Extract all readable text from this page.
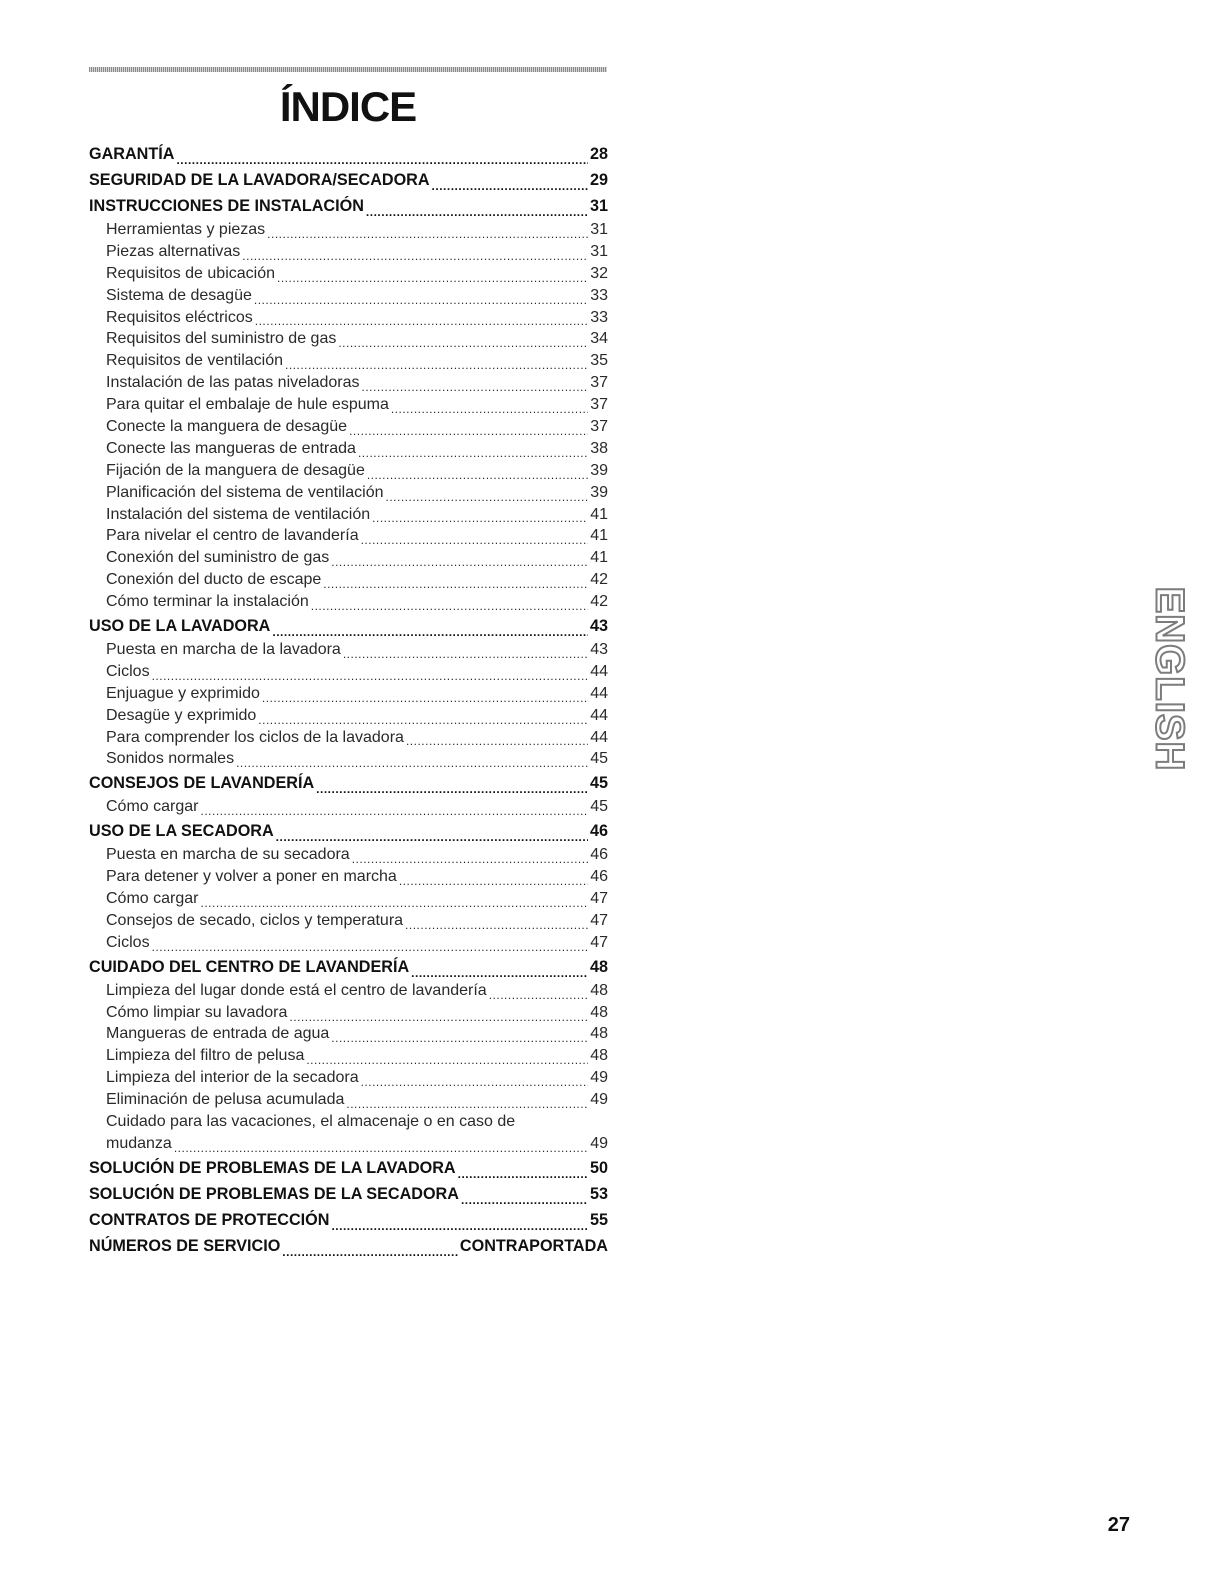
ÍNDICE
GARANTÍA .....	28
SEGURIDAD DE LA LAVADORA/SECADORA .....	29
INSTRUCCIONES DE INSTALACIÓN .....	31
Herramientas y piezas .....	31
Piezas alternativas .....	31
Requisitos de ubicación .....	32
Sistema de desagüe .....	33
Requisitos eléctricos .....	33
Requisitos del suministro de gas .....	34
Requisitos de ventilación .....	35
Instalación de las patas niveladoras .....	37
Para quitar el embalaje de hule espuma .....	37
Conecte la manguera de desagüe .....	37
Conecte las mangueras de entrada .....	38
Fijación de la manguera de desagüe .....	39
Planificación del sistema de ventilación .....	39
Instalación del sistema de ventilación .....	41
Para nivelar el centro de lavandería .....	41
Conexión del suministro de gas .....	41
Conexión del ducto de escape .....	42
Cómo terminar la instalación .....	42
USO DE LA LAVADORA .....	43
Puesta en marcha de la lavadora .....	43
Ciclos .....	44
Enjuague y exprimido .....	44
Desagüe y exprimido .....	44
Para comprender los ciclos de la lavadora .....	44
Sonidos normales .....	45
CONSEJOS DE LAVANDERÍA .....	45
Cómo cargar .....	45
USO DE LA SECADORA .....	46
Puesta en marcha de su secadora .....	46
Para detener y volver a poner en marcha .....	46
Cómo cargar .....	47
Consejos de secado, ciclos y temperatura .....	47
Ciclos .....	47
CUIDADO DEL CENTRO DE LAVANDERÍA .....	48
Limpieza del lugar donde está el centro de lavandería .....	48
Cómo limpiar su lavadora .....	48
Mangueras de entrada de agua .....	48
Limpieza del filtro de pelusa .....	48
Limpieza del interior de la secadora .....	49
Eliminación de pelusa acumulada .....	49
Cuidado para las vacaciones, el almacenaje o en caso de
mudanza .....	49
SOLUCIÓN DE PROBLEMAS DE LA LAVADORA .....	50
SOLUCIÓN DE PROBLEMAS DE LA SECADORA .....	53
CONTRATOS DE PROTECCIÓN .....	55
NÚMEROS DE SERVICIO .....	CONTRAPORTADA
ENGLISH
27
